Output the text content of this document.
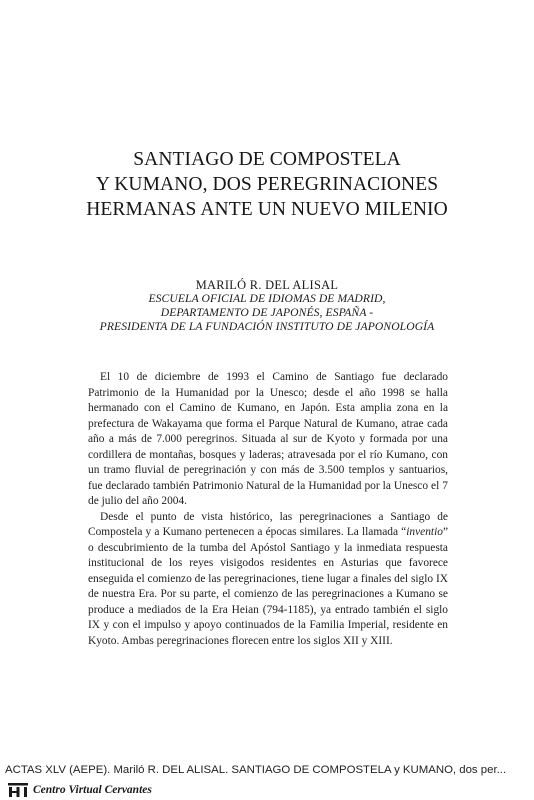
SANTIAGO DE COMPOSTELA
Y KUMANO, DOS PEREGRINACIONES
HERMANAS ANTE UN NUEVO MILENIO
MARILÓ R. DEL ALISAL
ESCUELA OFICIAL DE IDIOMAS DE MADRID,
DEPARTAMENTO DE JAPONÉS, ESPAÑA -
PRESIDENTA DE LA FUNDACIÓN INSTITUTO DE JAPONOLOGÍA

El 10 de diciembre de 1993 el Camino de Santiago fue declarado Patrimonio de la Humanidad por la Unesco; desde el año 1998 se halla hermanado con el Camino de Kumano, en Japón. Esta amplia zona en la prefectura de Wakayama que forma el Parque Natural de Kumano, atrae cada año a más de 7.000 peregrinos. Situada al sur de Kyoto y formada por una cordillera de montañas, bosques y laderas; atravesada por el río Kumano, con un tramo fluvial de peregrinación y con más de 3.500 templos y santuarios, fue declarado también Patrimonio Natural de la Humanidad por la Unesco el 7 de julio del año 2004.

Desde el punto de vista histórico, las peregrinaciones a Santiago de Compostela y a Kumano pertenecen a épocas similares. La llamada “inventio” o descubrimiento de la tumba del Apóstol Santiago y la inmediata respuesta institucional de los reyes visigodos residentes en Asturias que favorece enseguida el comienzo de las peregrinaciones, tiene lugar a finales del siglo IX de nuestra Era. Por su parte, el comienzo de las peregrinaciones a Kumano se produce a mediados de la Era Heian (794-1185), ya entrado también el siglo IX y con el impulso y apoyo continuados de la Familia Imperial, residente en Kyoto. Ambas peregrinaciones florecen entre los siglos XII y XIII.

ACTAS XLV (AEPE). Mariló R. DEL ALISAL. SANTIAGO DE COMPOSTELA y KUMANO, dos per...
Centro Virtual Cervantes
